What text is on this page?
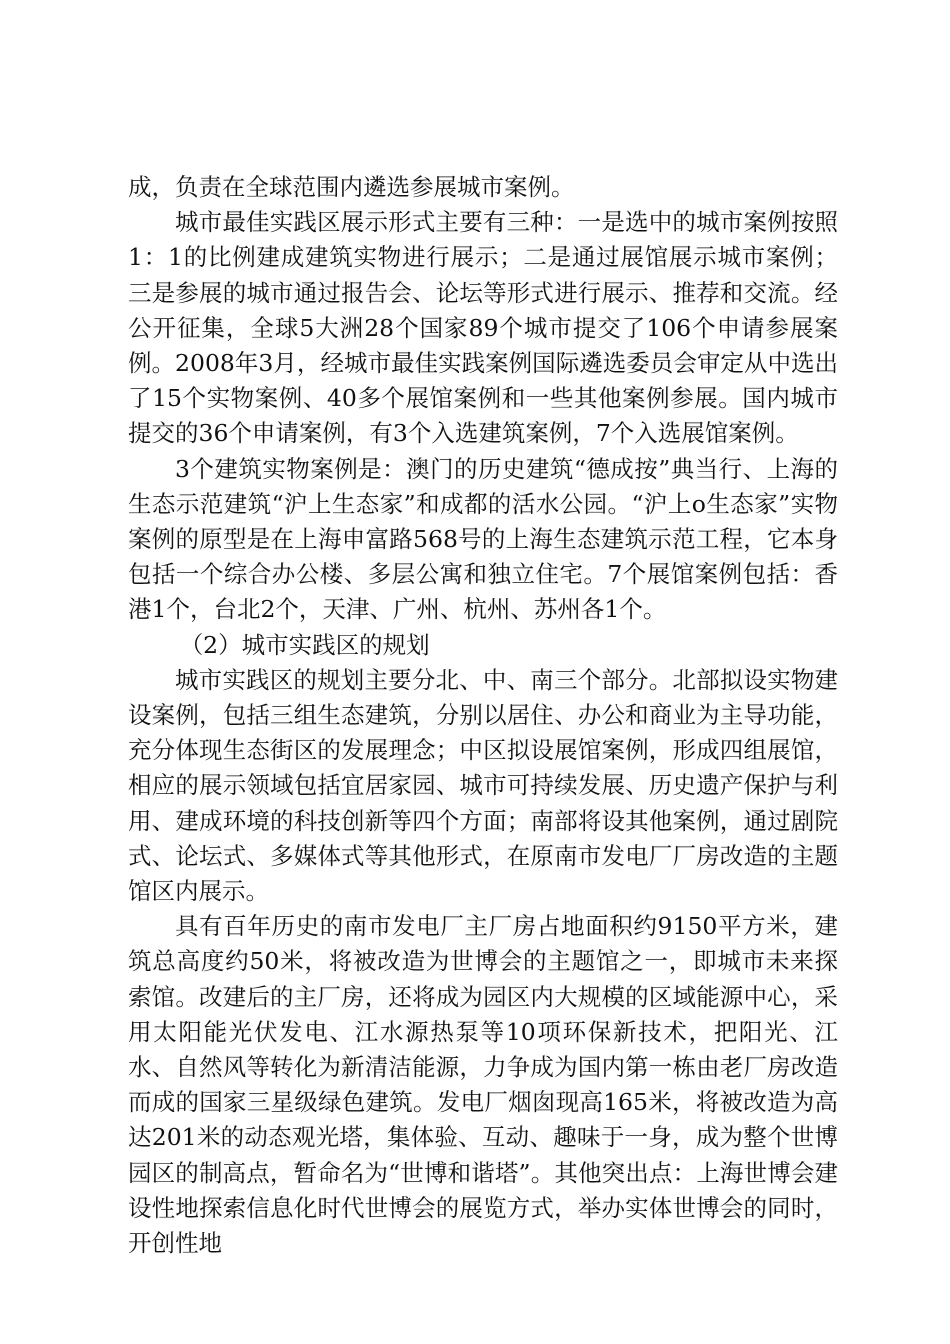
成，负责在全球范围内遴选参展城市案例。

城市最佳实践区展示形式主要有三种：一是选中的城市案例按照1：1的比例建成建筑实物进行展示；二是通过展馆展示城市案例；三是参展的城市通过报告会、论坛等形式进行展示、推荐和交流。经公开征集，全球5大洲28个国家89个城市提交了106个申请参展案例。2008年3月，经城市最佳实践案例国际遴选委员会审定从中选出了15个实物案例、40多个展馆案例和一些其他案例参展。国内城市提交的36个申请案例，有3个入选建筑案例，7个入选展馆案例。

3个建筑实物案例是：澳门的历史建筑“德成按”典当行、上海的生态示范建筑“沪上生态家”和成都的活水公园。“沪上o生态家”实物案例的原型是在上海申富路568号的上海生态建筑示范工程，它本身包括一个综合办公楼、多层公寓和独立住宅。7个展馆案例包括：香港1个，台北2个，天津、广州、杭州、苏州各1个。

（2）城市实践区的规划

城市实践区的规划主要分北、中、南三个部分。北部拟设实物建设案例，包括三组生态建筑，分别以居住、办公和商业为主导功能，充分体现生态街区的发展理念；中区拟设展馆案例，形成四组展馆，相应的展示领域包括宜居家园、城市可持续发展、历史遗产保护与利用、建成环境的科技创新等四个方面；南部将设其他案例，通过剧院式、论坛式、多媒体式等其他形式，在原南市发电厂厂房改造的主题馆区内展示。

具有百年历史的南市发电厂主厂房占地面积约9150平方米，建筑总高度约50米，将被改造为世博会的主题馆之一，即城市未来探索馆。改建后的主厂房，还将成为园区内大规模的区域能源中心，采用太阳能光伏发电、江水源热泵等10项环保新技术，把阳光、江水、自然风等转化为新清洁能源，力争成为国内第一栋由老厂房改造而成的国家三星级绿色建筑。发电厂烟囱现高165米，将被改造为高达201米的动态观光塔，集体验、互动、趣味于一身，成为整个世博园区的制高点，暂命名为“世博和谐塔”。其他突出点：上海世博会建设性地探索信息化时代世博会的展览方式，举办实体世博会的同时，开创性地
